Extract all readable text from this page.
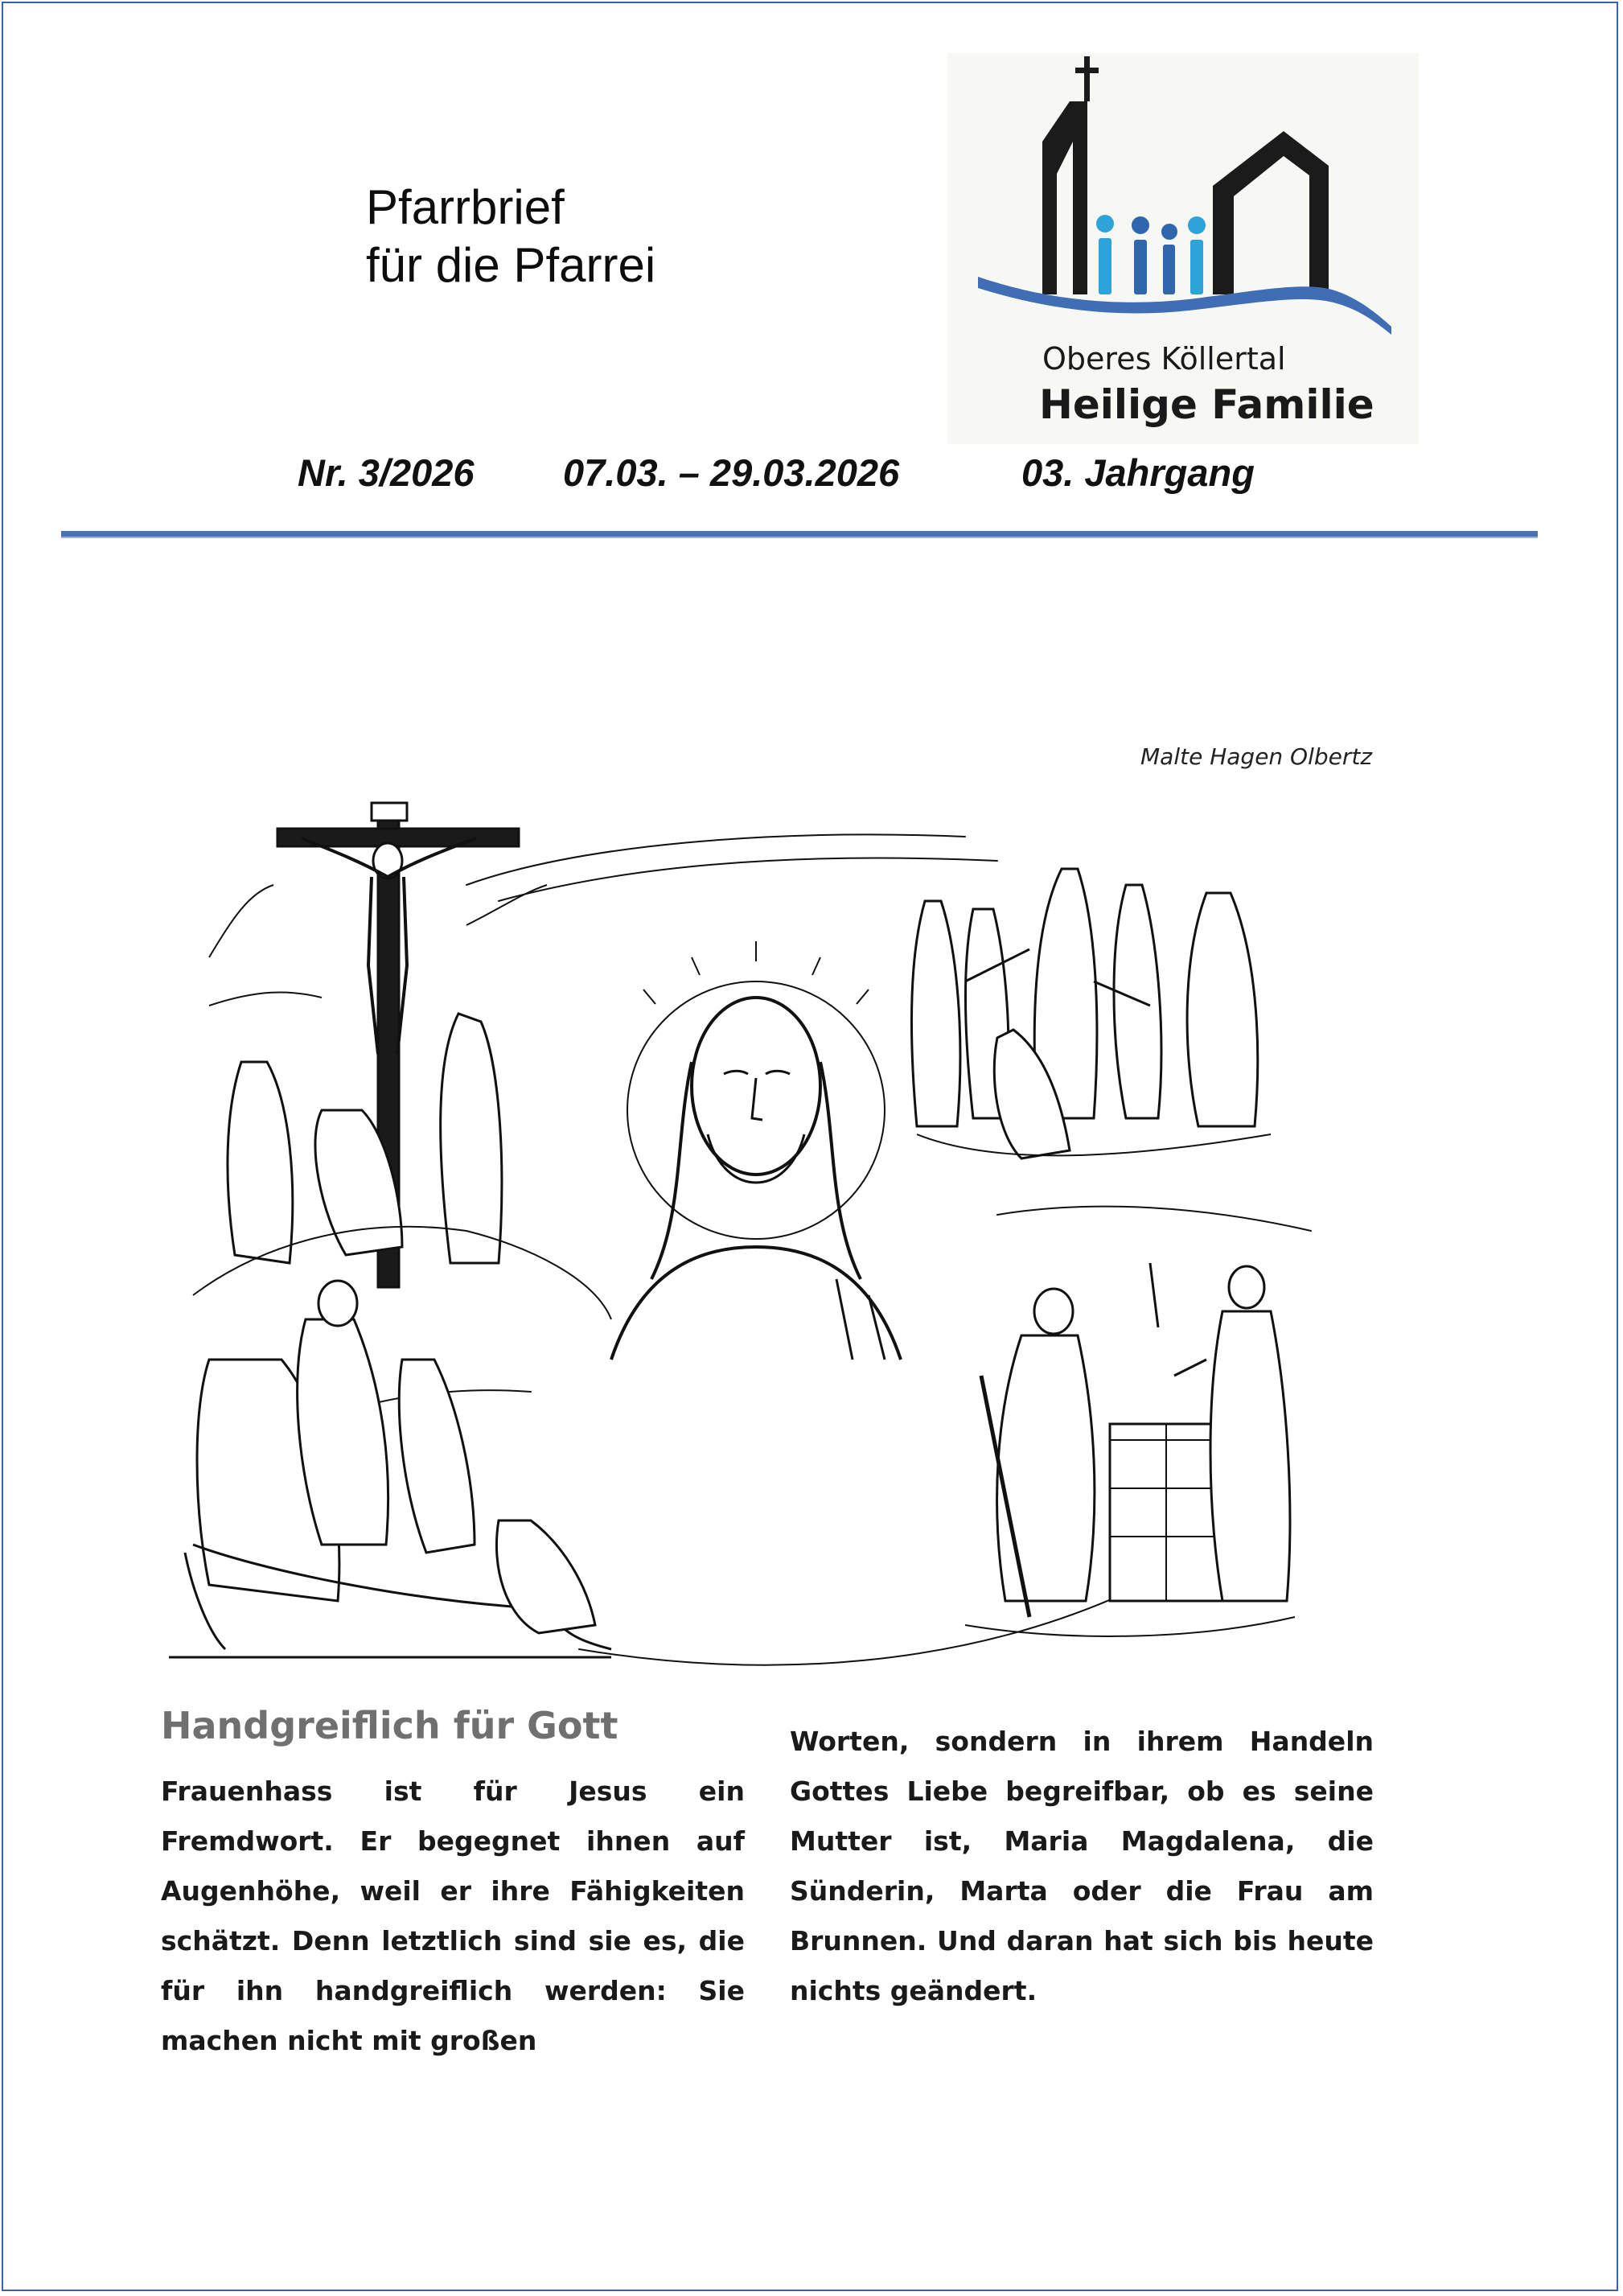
Pfarrbrief
für die Pfarrei
Oberes Köllertal
Heilige Familie
Nr. 3/2026 07.03. – 29.03.2026	03. Jahrgang
Malte Hagen Olbertz
Handgreiflich für Gott
Frauenhass ist für Jesus ein Fremdwort. Er begegnet ihnen auf Augenhöhe, weil er ihre Fähigkeiten schätzt. Denn letztlich sind sie es, die für ihn handgreiflich werden: Sie machen nicht mit großen
Worten, sondern in ihrem Handeln Gottes Liebe begreifbar, ob es seine Mutter ist, Maria Magdalena, die Sünderin, Marta oder die Frau am Brunnen. Und daran hat sich bis heute nichts geändert.
